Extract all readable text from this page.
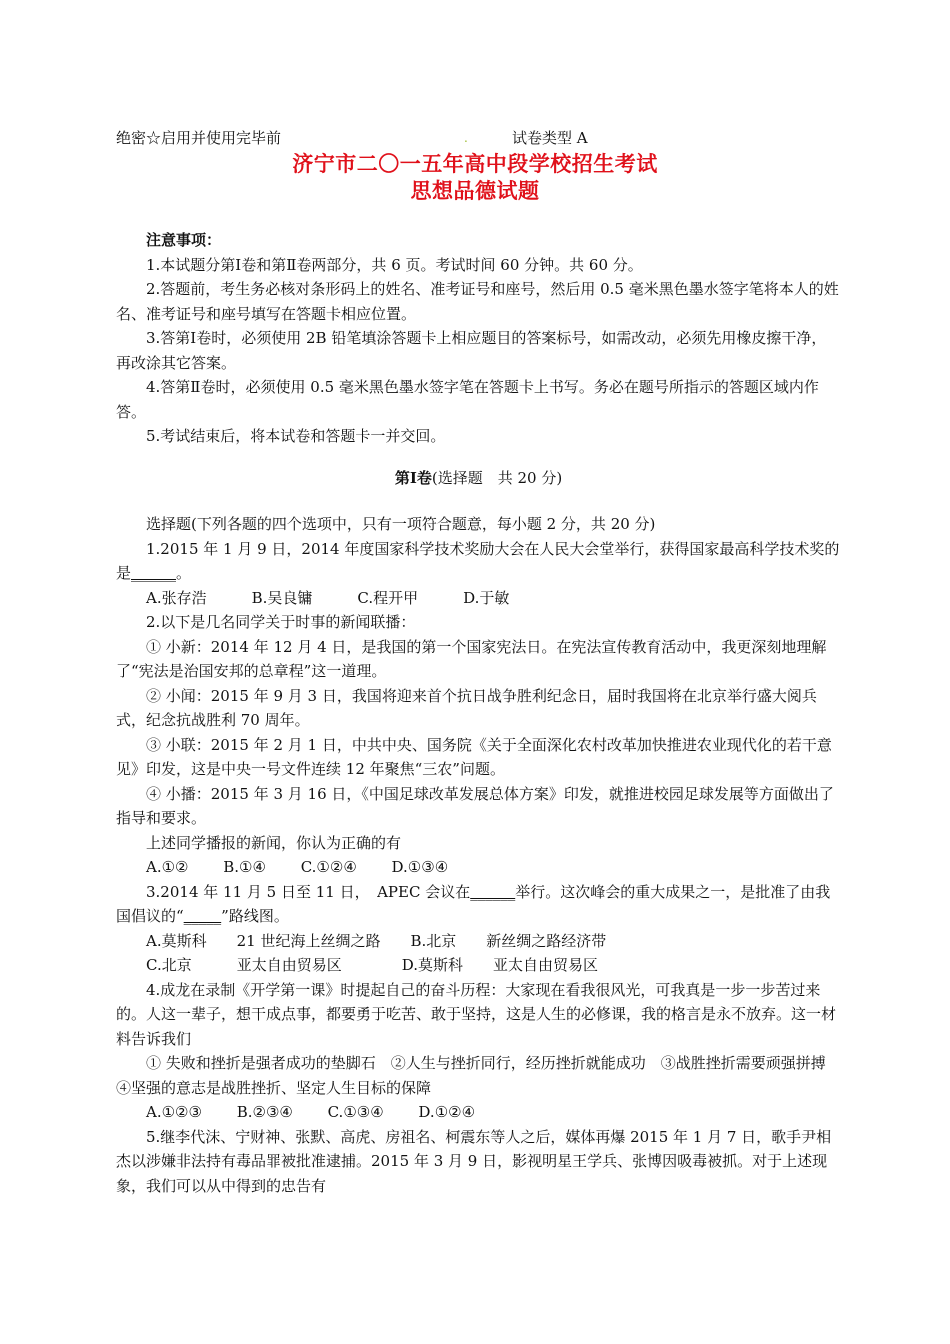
绝密☆启用并使用完毕前	.	试卷类型 A
济宁市二〇一五年高中段学校招生考试
思想品德试题

注意事项：

1.本试题分第Ⅰ卷和第Ⅱ卷两部分，共 6 页。考试时间 60 分钟。共 60 分。

2.答题前，考生务必核对条形码上的姓名、准考证号和座号，然后用 0.5 毫米黑色墨水签字笔将本人的姓名、准考证号和座号填写在答题卡相应位置。

3.答第Ⅰ卷时，必须使用 2B 铅笔填涂答题卡上相应题目的答案标号，如需改动，必须先用橡皮擦干净，再改涂其它答案。

4.答第Ⅱ卷时，必须使用 0.5 毫米黑色墨水签字笔在答题卡上书写。务必在题号所指示的答题区域内作答。

5.考试结束后，将本试卷和答题卡一并交回。

第Ⅰ卷(选择题　共 20 分)

选择题(下列各题的四个选项中，只有一项符合题意，每小题 2 分，共 20 分)

1.2015 年 1 月 9 日，2014 年度国家科学技术奖励大会在人民大会堂举行，获得国家最高科学技术奖的是______。

A.张存浩　　　B.吴良镛　　　C.程开甲　　　D.于敏

2.以下是几名同学关于时事的新闻联播：

① 小新：2014 年 12 月 4 日，是我国的第一个国家宪法日。在宪法宣传教育活动中，我更深刻地理解了“宪法是治国安邦的总章程”这一道理。

② 小闻：2015 年 9 月 3 日，我国将迎来首个抗日战争胜利纪念日，届时我国将在北京举行盛大阅兵式，纪念抗战胜利 70 周年。

③ 小联：2015 年 2 月 1 日，中共中央、国务院《关于全面深化农村改革加快推进农业现代化的若干意见》印发，这是中央一号文件连续 12 年聚焦“三农”问题。

④ 小播：2015 年 3 月 16 日，《中国足球改革发展总体方案》印发，就推进校园足球发展等方面做出了指导和要求。

上述同学播报的新闻，你认为正确的有

A.①②　　 B.①④　　 C.①②④　　 D.①③④

3.2014 年 11 月 5 日至 11 日，　APEC 会议在______举行。这次峰会的重大成果之一，是批准了由我国倡议的“_____”路线图。

A.莫斯科　　21 世纪海上丝绸之路　　B.北京　　新丝绸之路经济带

C.北京　　　亚太自由贸易区　　　　D.莫斯科　　亚太自由贸易区

4.成龙在录制《开学第一课》时提起自己的奋斗历程：大家现在看我很风光，可我真是一步一步苦过来的。人这一辈子，想干成点事，都要勇于吃苦、敢于坚持，这是人生的必修课，我的格言是永不放弃。这一材料告诉我们

① 失败和挫折是强者成功的垫脚石　②人生与挫折同行，经历挫折就能成功　③战胜挫折需要顽强拼搏　④坚强的意志是战胜挫折、坚定人生目标的保障

A.①②③　　 B.②③④　　 C.①③④　　 D.①②④

5.继李代沫、宁财神、张默、高虎、房祖名、柯震东等人之后，媒体再爆 2015 年 1 月 7 日，歌手尹相杰以涉嫌非法持有毒品罪被批准逮捕。2015 年 3 月 9 日，影视明星王学兵、张博因吸毒被抓。对于上述现象，我们可以从中得到的忠告有
